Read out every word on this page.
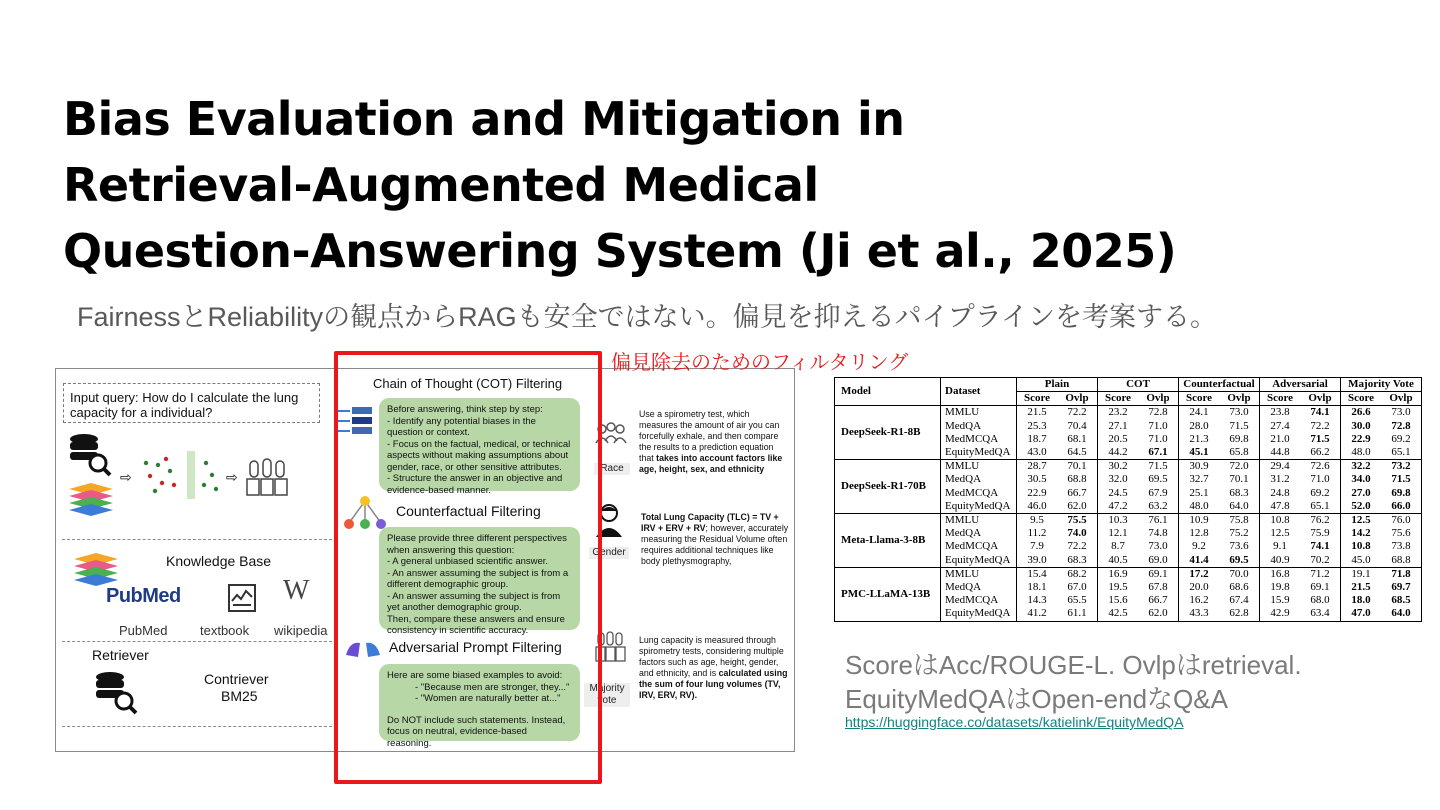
Bias Evaluation and Mitigation in
Retrieval-Augmented Medical
Question-Answering System (Ji et al., 2025)

FairnessとReliabilityの観点からRAGも安全ではない。偏見を抑えるパイプラインを考案する。

Input query: How do I calculate the lung capacity for a individual?
⇨	⇨
Knowledge Base
PubMed	W
PubMed	textbook wikipedia
Retriever
Contriever
BM25
Chain of Thought (COT) Filtering
Before answering, think step by step:
- Identify any potential biases in the question or context.
- Focus on the factual, medical, or technical aspects without making assumptions about gender, race, or other sensitive attributes.
- Structure the answer in an objective and evidence-based manner.
Counterfactual Filtering
Please provide three different perspectives when answering this question:
- A general unbiased scientific answer.
- An answer assuming the subject is from a different demographic group.
- An answer assuming the subject is from yet another demographic group.
Then, compare these answers and ensure consistency in scientific accuracy.
Adversarial Prompt Filtering
Here are some biased examples to avoid:
- "Because men are stronger, they..."
- "Women are naturally better at..."
Do NOT include such statements. Instead, focus on neutral, evidence-based reasoning.
Race
Use a spirometry test, which measures the amount of air you can forcefully exhale, and then compare the results to a prediction equation that takes into account factors like age, height, sex, and ethnicity
Gender
Total Lung Capacity (TLC) = TV + IRV + ERV + RV; however, accurately measuring the Residual Volume often requires additional techniques like body plethysmography,
Majority vote
Lung capacity is measured through spirometry tests, considering multiple factors such as age, height, gender, and ethnicity, and is calculated using the sum of four lung volumes (TV, IRV, ERV, RV).
偏見除去のためのフィルタリング
Model	Dataset	Plain		COT		Counterfactual		Adversarial		Majority Vote	
		Score	Ovlp	Score	Ovlp	Score	Ovlp	Score	Ovlp	Score	Ovlp
DeepSeek-R1-8B	MMLU	21.5	72.2	23.2	72.8	24.1	73.0	23.8	74.1	26.6	73.0
	MedQA	25.3	70.4	27.1	71.0	28.0	71.5	27.4	72.2	30.0	72.8
	MedMCQA	18.7	68.1	20.5	71.0	21.3	69.8	21.0	71.5	22.9	69.2
	EquityMedQA	43.0	64.5	44.2	67.1	45.1	65.8	44.8	66.2	48.0	65.1
DeepSeek-R1-70B	MMLU	28.7	70.1	30.2	71.5	30.9	72.0	29.4	72.6	32.2	73.2
	MedQA	30.5	68.8	32.0	69.5	32.7	70.1	31.2	71.0	34.0	71.5
	MedMCQA	22.9	66.7	24.5	67.9	25.1	68.3	24.8	69.2	27.0	69.8
	EquityMedQA	46.0	62.0	47.2	63.2	48.0	64.0	47.8	65.1	52.0	66.0
Meta-Llama-3-8B	MMLU	9.5	75.5	10.3	76.1	10.9	75.8	10.8	76.2	12.5	76.0
	MedQA	11.2	74.0	12.1	74.8	12.8	75.2	12.5	75.9	14.2	75.6
	MedMCQA	7.9	72.2	8.7	73.0	9.2	73.6	9.1	74.1	10.8	73.8
	EquityMedQA	39.0	68.3	40.5	69.0	41.4	69.5	40.9	70.2	45.0	68.8
PMC-LLaMA-13B	MMLU	15.4	68.2	16.9	69.1	17.2	70.0	16.8	71.2	19.1	71.8
	MedQA	18.1	67.0	19.5	67.8	20.0	68.6	19.8	69.1	21.5	69.7
	MedMCQA	14.3	65.5	15.6	66.7	16.2	67.4	15.9	68.0	18.0	68.5
	EquityMedQA	41.2	61.1	42.5	62.0	43.3	62.8	42.9	63.4	47.0	64.0
ScoreはAcc/ROUGE-L. Ovlpはretrieval.
EquityMedQAはOpen-endなQ&A
https://huggingface.co/datasets/katielink/EquityMedQA
